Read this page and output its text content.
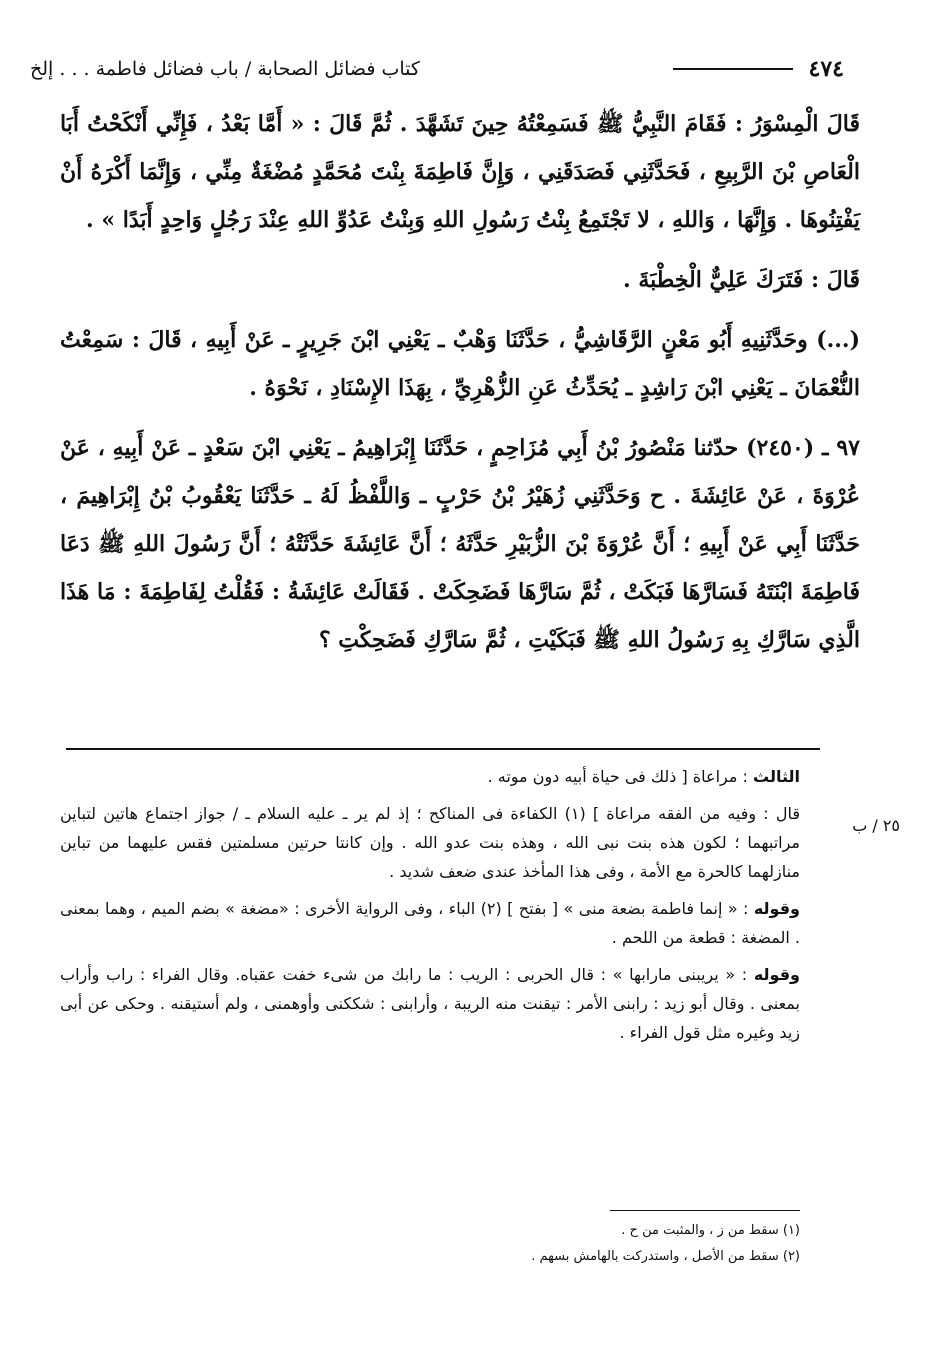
٤٧٤
كتاب فضائل الصحابة / باب فضائل فاطمة . . . إلخ

قَالَ الْمِسْوَرُ : فَقَامَ النَّبِيُّ ﷺ فَسَمِعْتُهُ حِينَ تَشَهَّدَ . ثُمَّ قَالَ : « أَمَّا بَعْدُ ، فَإِنِّي أَنْكَحْتُ أَبَا الْعَاصِ بْنَ الرَّبِيعِ ، فَحَدَّثَنِي فَصَدَقَنِي ، وَإِنَّ فَاطِمَةَ بِنْتَ مُحَمَّدٍ مُضْغَةٌ مِنِّي ، وَإِنَّمَا أَكْرَهُ أَنْ يَفْتِنُوهَا . وَإِنَّهَا ، وَاللهِ ، لا تَجْتَمِعُ بِنْتُ رَسُولِ اللهِ وَبِنْتُ عَدُوِّ اللهِ عِنْدَ رَجُلٍ وَاحِدٍ أَبَدًا » .

قَالَ : فَتَرَكَ عَلِيٌّ الْخِطْبَةَ .

(...) وحَدَّثَنِيهِ أَبُو مَعْنٍ الرَّقَاشِيُّ ، حَدَّثَنَا وَهْبٌ ـ يَعْنِي ابْنَ جَرِيرٍ ـ عَنْ أَبِيهِ ، قَالَ : سَمِعْتُ النُّعْمَانَ ـ يَعْنِي ابْنَ رَاشِدٍ ـ يُحَدِّثُ عَنِ الزُّهْرِيِّ ، بِهَذَا الإِسْنَادِ ، نَحْوَهُ .

٩٧ ـ (٢٤٥٠) حدّثنا مَنْصُورُ بْنُ أَبِي مُزَاحِمٍ ، حَدَّثَنَا إِبْرَاهِيمُ ـ يَعْنِي ابْنَ سَعْدٍ ـ عَنْ أَبِيهِ ، عَنْ عُرْوَةَ ، عَنْ عَائِشَةَ . ح وَحَدَّثَنِي زُهَيْرُ بْنُ حَرْبٍ ـ وَاللَّفْظُ لَهُ ـ حَدَّثَنَا يَعْقُوبُ بْنُ إِبْرَاهِيمَ ، حَدَّثَنَا أَبِي عَنْ أَبِيهِ ؛ أَنَّ عُرْوَةَ بْنَ الزُّبَيْرِ حَدَّثَهُ ؛ أَنَّ عَائِشَةَ حَدَّثَتْهُ ؛ أَنَّ رَسُولَ اللهِ ﷺ دَعَا فَاطِمَةَ ابْنَتَهُ فَسَارَّهَا فَبَكَتْ ، ثُمَّ سَارَّهَا فَضَحِكَتْ . فَقَالَتْ عَائِشَةُ : فَقُلْتُ لِفَاطِمَةَ : مَا هَذَا الَّذِي سَارَّكِ بِهِ رَسُولُ اللهِ ﷺ فَبَكَيْتِ ، ثُمَّ سَارَّكِ فَضَحِكْتِ ؟

٢٥ / ب

الثالث : مراعاة [ ذلك فى حياة أبيه دون موته .

قال : وفيه من الفقه مراعاة ] (١) الكفاءة فى المناكح ؛ إذ لم ير ـ عليه السلام ـ / جواز اجتماع هاتين لتباين مراتبهما ؛ لكون هذه بنت نبى الله ، وهذه بنت عدو الله . وإن كانتا حرتين مسلمتين فقس عليهما من تباين منازلهما كالحرة مع الأمة ، وفى هذا المأخذ عندى ضعف شديد .

وقوله : « إنما فاطمة بضعة منى » [ بفتح ] (٢) الباء ، وفى الرواية الأخرى : «مضغة » بضم الميم ، وهما بمعنى . المضغة : قطعة من اللحم .

وقوله : « يريبنى مارابها » : قال الحربى : الريب : ما رابك من شىء خفت عقباه. وقال الفراء : راب وأراب بمعنى . وقال أبو زيد : رابنى الأمر : تيقنت منه الريبة ، وأرابنى : شككنى وأوهمنى ، ولم أستيقنه . وحكى عن أبى زيد وغيره مثل قول الفراء .

(١) سقط من ز ، والمثبت من ح .
(٢) سقط من الأصل ، واستدركت بالهامش بسهم .
